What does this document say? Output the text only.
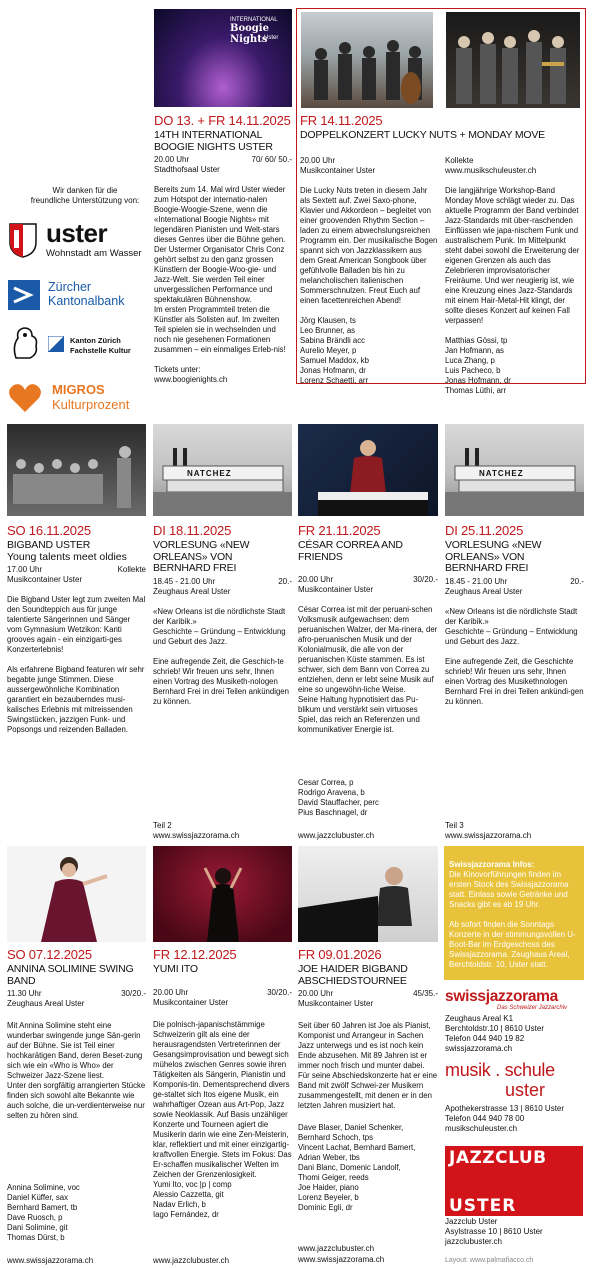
Wir danken für die
freundliche Unterstützung von:
uster
Wohnstadt am Wasser
Zürcher
Kantonalbank
Kanton Zürich
Fachstelle Kultur
MIGROS
Kulturprozent
INTERNATIONAL
Boogie Nights
Uster
DO 13. + FR 14.11.2025
14TH INTERNATIONAL BOOGIE NIGHTS USTER
20.00 Uhr	70/ 60/ 50.-
Stadthofsaal Uster
Bereits zum 14. Mal wird Uster wieder zum Hotspot der internatio-nalen Boogie-Woogie-Szene, wenn die «International Boogie Nights» mit legendären Pianisten und Welt-stars dieses Genres über die Bühne gehen.
Der Ustermer Organisator Chris Conz gehört selbst zu den ganz grossen Künstlern der Boogie-Woo-gie- und Jazz-Welt. Sie werden Teil einer unvergesslichen Performance und spektakulären Bühnenshow.
Im ersten Programmteil treten die Künstler als Solisten auf. Im zweiten Teil spielen sie in wechselnden und noch nie gesehenen Formationen zusammen – ein einmaliges Erleb-nis!
Tickets unter:
www.boogienights.ch
FR 14.11.2025
DOPPELKONZERT LUCKY NUTS + MONDAY MOVE
20.00 Uhr
Musikcontainer Uster
Die Lucky Nuts treten in diesem Jahr als Sextett auf. Zwei Saxo-phone, Klavier und Akkordeon – begleitet von einer groovenden Rhythm Section – laden zu einem abwechslungsreichen Programm ein. Der musikalische Bogen spannt sich von Jazzklassikern aus dem Great American Songbook über gefühlvolle Balladen bis hin zu melancholischen italienischen Sommerschnulzen. Freut Euch auf einen facettenreichen Abend!
Jörg Klausen, ts
Leo Brunner, as
Sabina Brändli acc
Aurelio Meyer, p
Samuel Maddox, kb
Jonas Hofmann, dr
Lorenz Schaetti, arr
Kollekte
www.musikschuleuster.ch
Die langjährige Workshop-Band Monday Move schlägt wieder zu. Das aktuelle Programm der Band verbindet Jazz-Standards mit über-raschenden Einflüssen wie japa-nischem Funk und australischem Punk. Im Mittelpunkt steht dabei sowohl die Erweiterung der eigenen Grenzen als auch das Zelebrieren improvisatorischer Freiräume. Und wer neugierig ist, wie eine Kreuzung eines Jazz-Standards mit einem Hair-Metal-Hit klingt, der sollte dieses Konzert auf keinen Fall verpassen!
Matthias Gössi, tp
Jan Hofmann, as
Luca Zhang, p
Luis Pacheco, b
Jonas Hofmann, dr
Thomas Lüthi, arr
SO 16.11.2025
BIGBAND USTER
Young talents meet oldies
17.00 Uhr	Kollekte
Musikcontainer Uster
Die Bigband Uster legt zum zweiten Mal den Soundteppich aus für junge talentierte Sängerinnen und Sänger vom Gymnasium Wetzikon: Kanti grooves again - ein einzigarti-ges Konzerterlebnis!

Als erfahrene Bigband featuren wir sehr begabte junge Stimmen. Diese aussergewöhnliche Kombination garantiert ein bezauberndes musi-kalisches Erlebnis mit mitreissenden Swingstücken, jazzigen Funk- und Popsongs und reizenden Balladen.
NATCHEZ
DI 18.11.2025
VORLESUNG «NEW ORLEANS» VON BERNHARD FREI
18.45 - 21.00 Uhr	20.-
Zeughaus Areal Uster
«New Orleans ist die nördlichste Stadt der Karibik.»
Geschichte – Gründung – Entwicklung und Geburt des Jazz.

Eine aufregende Zeit, die Geschich-te schrieb! Wir freuen uns sehr, Ihnen einen Vortrag des Musiketh-nologen Bernhard Frei in drei Teilen ankündigen zu können.
FR 21.11.2025
CÉSAR CORREA AND FRIENDS
20.00 Uhr	30/20.-
Musikcontainer Uster
César Correa ist mit der peruani-schen Volksmusik aufgewachsen: dem peruanischen Walzer, der Ma-rinera, der afro-peruanischen Musik und der Kolonialmusik, die alle von der peruanischen Küste stammen. Es ist schwer, sich dem Bann von Correa zu entziehen, denn er lebt seine Musik auf eine so ungewöhn-liche Weise.
Seine Haltung hypnotisiert das Pu-blikum und verstärkt sein virtuoses Spiel, das reich an Referenzen und kommunikativer Energie ist.
Cesar Correa, p
Rodrigo Aravena, b
David Stauffacher, perc
Pius Baschnagel, dr
www.jazzclubuster.ch
NATCHEZ
DI 25.11.2025
VORLESUNG «NEW ORLEANS» VON BERNHARD FREI
18.45 - 21.00 Uhr	20.-
Zeughaus Areal Uster
«New Orleans ist die nördlichste Stadt der Karibik.»
Geschichte – Gründung – Entwicklung und Geburt des Jazz.

Eine aufregende Zeit, die Geschichte schrieb! Wir freuen uns sehr, Ihnen einen Vortrag des Musikethnologen Bernhard Frei in drei Teilen ankündi-gen zu können.
Teil 2
www.swissjazzorama.ch
Teil 3
www.swissjazzorama.ch
SO 07.12.2025
ANNINA SOLIMINE SWING BAND
11.30 Uhr	30/20.-
Zeughaus Areal Uster
Mit Annina Solimine steht eine wunderbar swingende junge Sän-gerin auf der Bühne. Sie ist Teil einer hochkarätigen Band, deren Beset-zung sich wie ein «Who is Who» der Schweizer Jazz-Szene liest.
Unter den sorgfältig arrangierten Stücke finden sich sowohl alte Bekannte wie auch solche, die un-verdienterweise nur selten zu hören sind.
Annina Solimine, voc
Daniel Küffer, sax
Bernhard Bamert, tb
Dave Ruosch, p
Dani Solimine, git
Thomas Dürst, b
www.swissjazzorama.ch
FR 12.12.2025
YUMI ITO
20.00 Uhr	30/20.-
Musikcontainer Uster
Die polnisch-japanischstämmige Schweizerin gilt als eine der herausragendsten Vertreterinnen der Gesangsimprovisation und bewegt sich mühelos zwischen Genres sowie ihren Tätigkeiten als Sängerin, Pianistin und Komponis-tin. Dementsprechend divers ge-staltet sich Itos eigene Musik, ein wahrhaftiger Ozean aus Art-Pop, Jazz sowie Neoklassik. Auf Basis unzähliger Konzerte und Tourneen agiert die Musikerin darin wie eine Zen-Meisterin, klar, reflektiert und mit einer einzigartig-kraftvollen Energie. Stets im Fokus: Das Er-schaffen musikalischer Welten im Zeichen der Grenzenlosigkeit.
Yumi Ito, voc |p | comp
Alessio Cazzetta, git
Nadav Erlich, b
Iago Fernández, dr
www.jazzclubuster.ch
FR 09.01.2026
JOE HAIDER BIGBAND ABSCHIEDSTOURNEE
20.00 Uhr	45/35.-
Musikcontainer Uster
Seit über 60 Jahren ist Joe als Pianist, Komponist und Arrangeur in Sachen Jazz unterwegs und es ist noch kein Ende abzusehen. Mit 89 Jahren ist er immer noch frisch und munter dabei. Für seine Abschiedskonzerte hat er eine Band mit zwölf Schwei-zer Musikern zusammengestellt, mit denen er in den letzten Jahren musiziert hat.
Dave Blaser, Daniel Schenker,
Bernhard Schoch, tps
Vincent Lachat, Bernhard Bamert,
Adrian Weber, tbs
Dani Blanc, Domenic Landolf,
Thomi Geiger, reeds
Joe Haider, piano
Lorenz Beyeler, b
Dominic Egli, dr
www.jazzclubuster.ch
www.swissjazzorama.ch

Swissjazzorama Infos:
Die Kinovorführungen finden im ersten Stock des Swissjazzorama statt. Einlass sowie Getränke und Snacks gibt es ab 19 Uhr.

Ab sofort finden die Sonntags Konzerte in der stimmungsvollen U-Boot-Bar im Erdgeschoss des Swissjazzorama. Zeughaus Areal, Berchtoldstr. 10, Uster statt.

swissjazzorama
Das Schweizer Jazzarchiv
Zeughaus Areal K1
Berchtoldstr.10 | 8610 Uster
Telefon 044 940 19 82
swissjazzorama.ch
musik . schule
uster
Apothekerstrasse 13 | 8610 Uster
Telefon 044 940 78 00
musikschuleuster.ch
JAZZCLUB
USTER
Jazzclub Uster
Asylstrasse 10 | 8610 Uster
jazzclubuster.ch
Layout: www.palmafiacco.ch
